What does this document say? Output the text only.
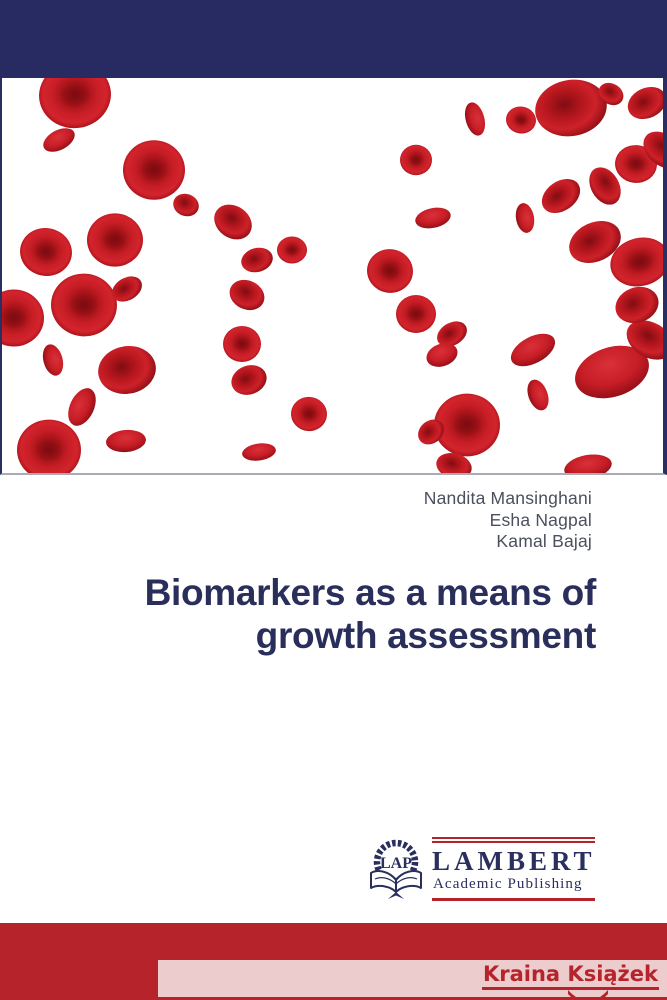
Nandita Mansinghani
Esha Nagpal
Kamal Bajaj
Biomarkers as a means of
growth assessment
LAP LAMBERT
Academic Publishing
Kraina Książek
